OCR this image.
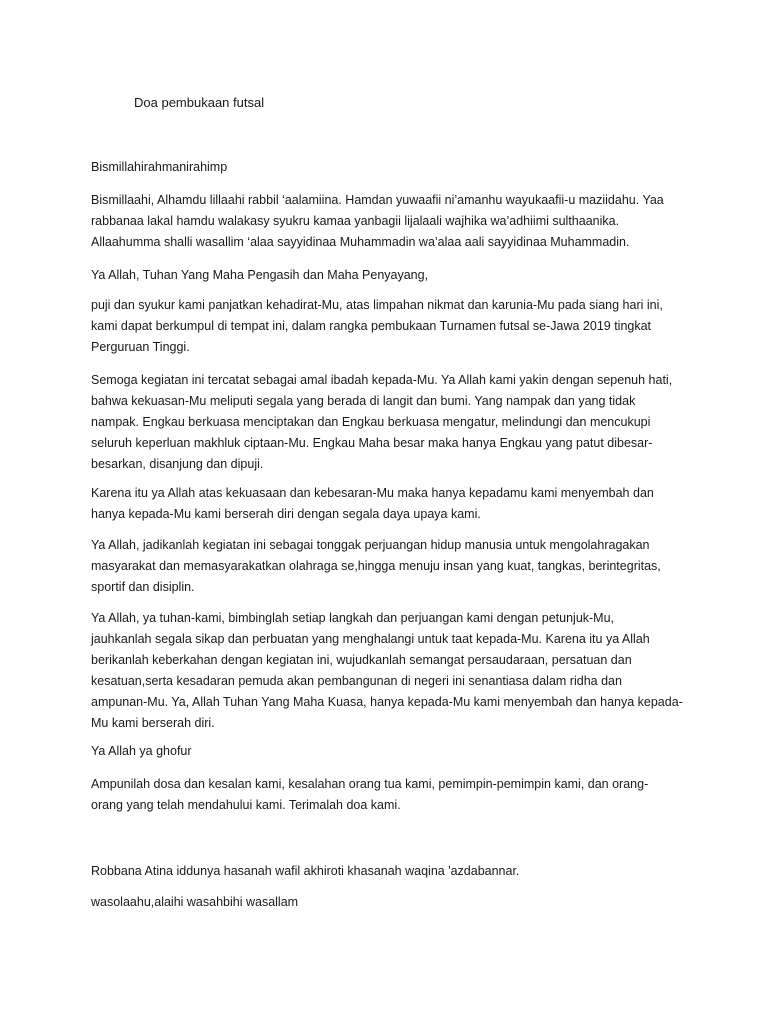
Doa pembukaan futsal

Bismillahirahmanirahimp

Bismillaahi, Alhamdu lillaahi rabbil ‘aalamiina. Hamdan yuwaafii ni’amanhu wayukaafii-u maziidahu. Yaa
rabbanaa lakal hamdu walakasy syukru kamaa yanbagii lijalaali wajhika wa’adhiimi sulthaanika.
Allaahumma shalli wasallim ‘alaa sayyidinaa Muhammadin wa’alaa aali sayyidinaa Muhammadin.

Ya Allah, Tuhan Yang Maha Pengasih dan Maha Penyayang,

puji dan syukur kami panjatkan kehadirat-Mu, atas limpahan nikmat dan karunia-Mu pada siang hari ini,
kami dapat berkumpul di tempat ini, dalam rangka pembukaan Turnamen futsal se-Jawa 2019 tingkat
Perguruan Tinggi.

Semoga kegiatan ini tercatat sebagai amal ibadah kepada-Mu. Ya Allah kami yakin dengan sepenuh hati,
bahwa kekuasan-Mu meliputi segala yang berada di langit dan bumi. Yang nampak dan yang tidak
nampak. Engkau berkuasa menciptakan dan Engkau berkuasa mengatur, melindungi dan mencukupi
seluruh keperluan makhluk ciptaan-Mu. Engkau Maha besar maka hanya Engkau yang patut dibesar-
besarkan, disanjung dan dipuji.

Karena itu ya Allah atas kekuasaan dan kebesaran-Mu maka hanya kepadamu kami menyembah dan
hanya kepada-Mu kami berserah diri dengan segala daya upaya kami.

Ya Allah, jadikanlah kegiatan ini sebagai tonggak perjuangan hidup manusia untuk mengolahragakan
masyarakat dan memasyarakatkan olahraga se,hingga menuju insan yang kuat, tangkas, berintegritas,
sportif dan disiplin.

Ya Allah, ya tuhan-kami, bimbinglah setiap langkah dan perjuangan kami dengan petunjuk-Mu,
jauhkanlah segala sikap dan perbuatan yang menghalangi untuk taat kepada-Mu. Karena itu ya Allah
berikanlah keberkahan dengan kegiatan ini, wujudkanlah semangat persaudaraan, persatuan dan
kesatuan,serta kesadaran pemuda akan pembangunan di negeri ini senantiasa dalam ridha dan
ampunan-Mu. Ya, Allah Tuhan Yang Maha Kuasa, hanya kepada-Mu kami menyembah dan hanya kepada-
Mu kami berserah diri.

Ya Allah ya ghofur

Ampunilah dosa dan kesalan kami, kesalahan orang tua kami, pemimpin-pemimpin kami, dan orang-
orang yang telah mendahului kami. Terimalah doa kami.

Robbana Atina iddunya hasanah wafil akhiroti khasanah waqina 'azdabannar.

wasolaahu,alaihi wasahbihi wasallam
